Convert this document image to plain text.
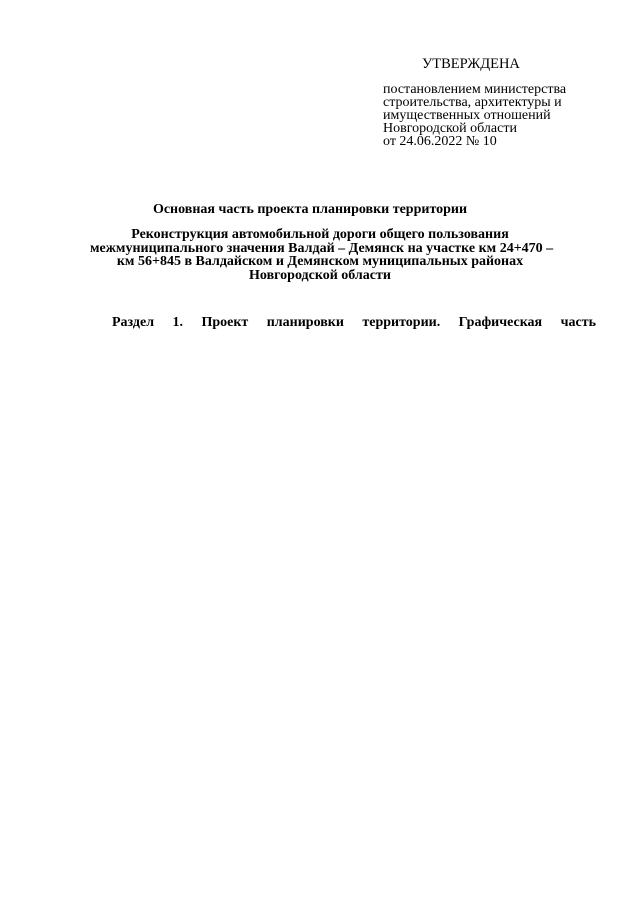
УТВЕРЖДЕНА
постановлением министерства
строительства, архитектуры и
имущественных отношений
Новгородской области
от 24.06.2022 № 10
Основная часть проекта планировки территории
Реконструкция автомобильной дороги общего пользования
межмуниципального значения Валдай – Демянск на участке км 24+470 –
км 56+845 в Валдайском и Демянском муниципальных районах
Новгородской области
Раздел 1. Проект планировки территории. Графическая часть
